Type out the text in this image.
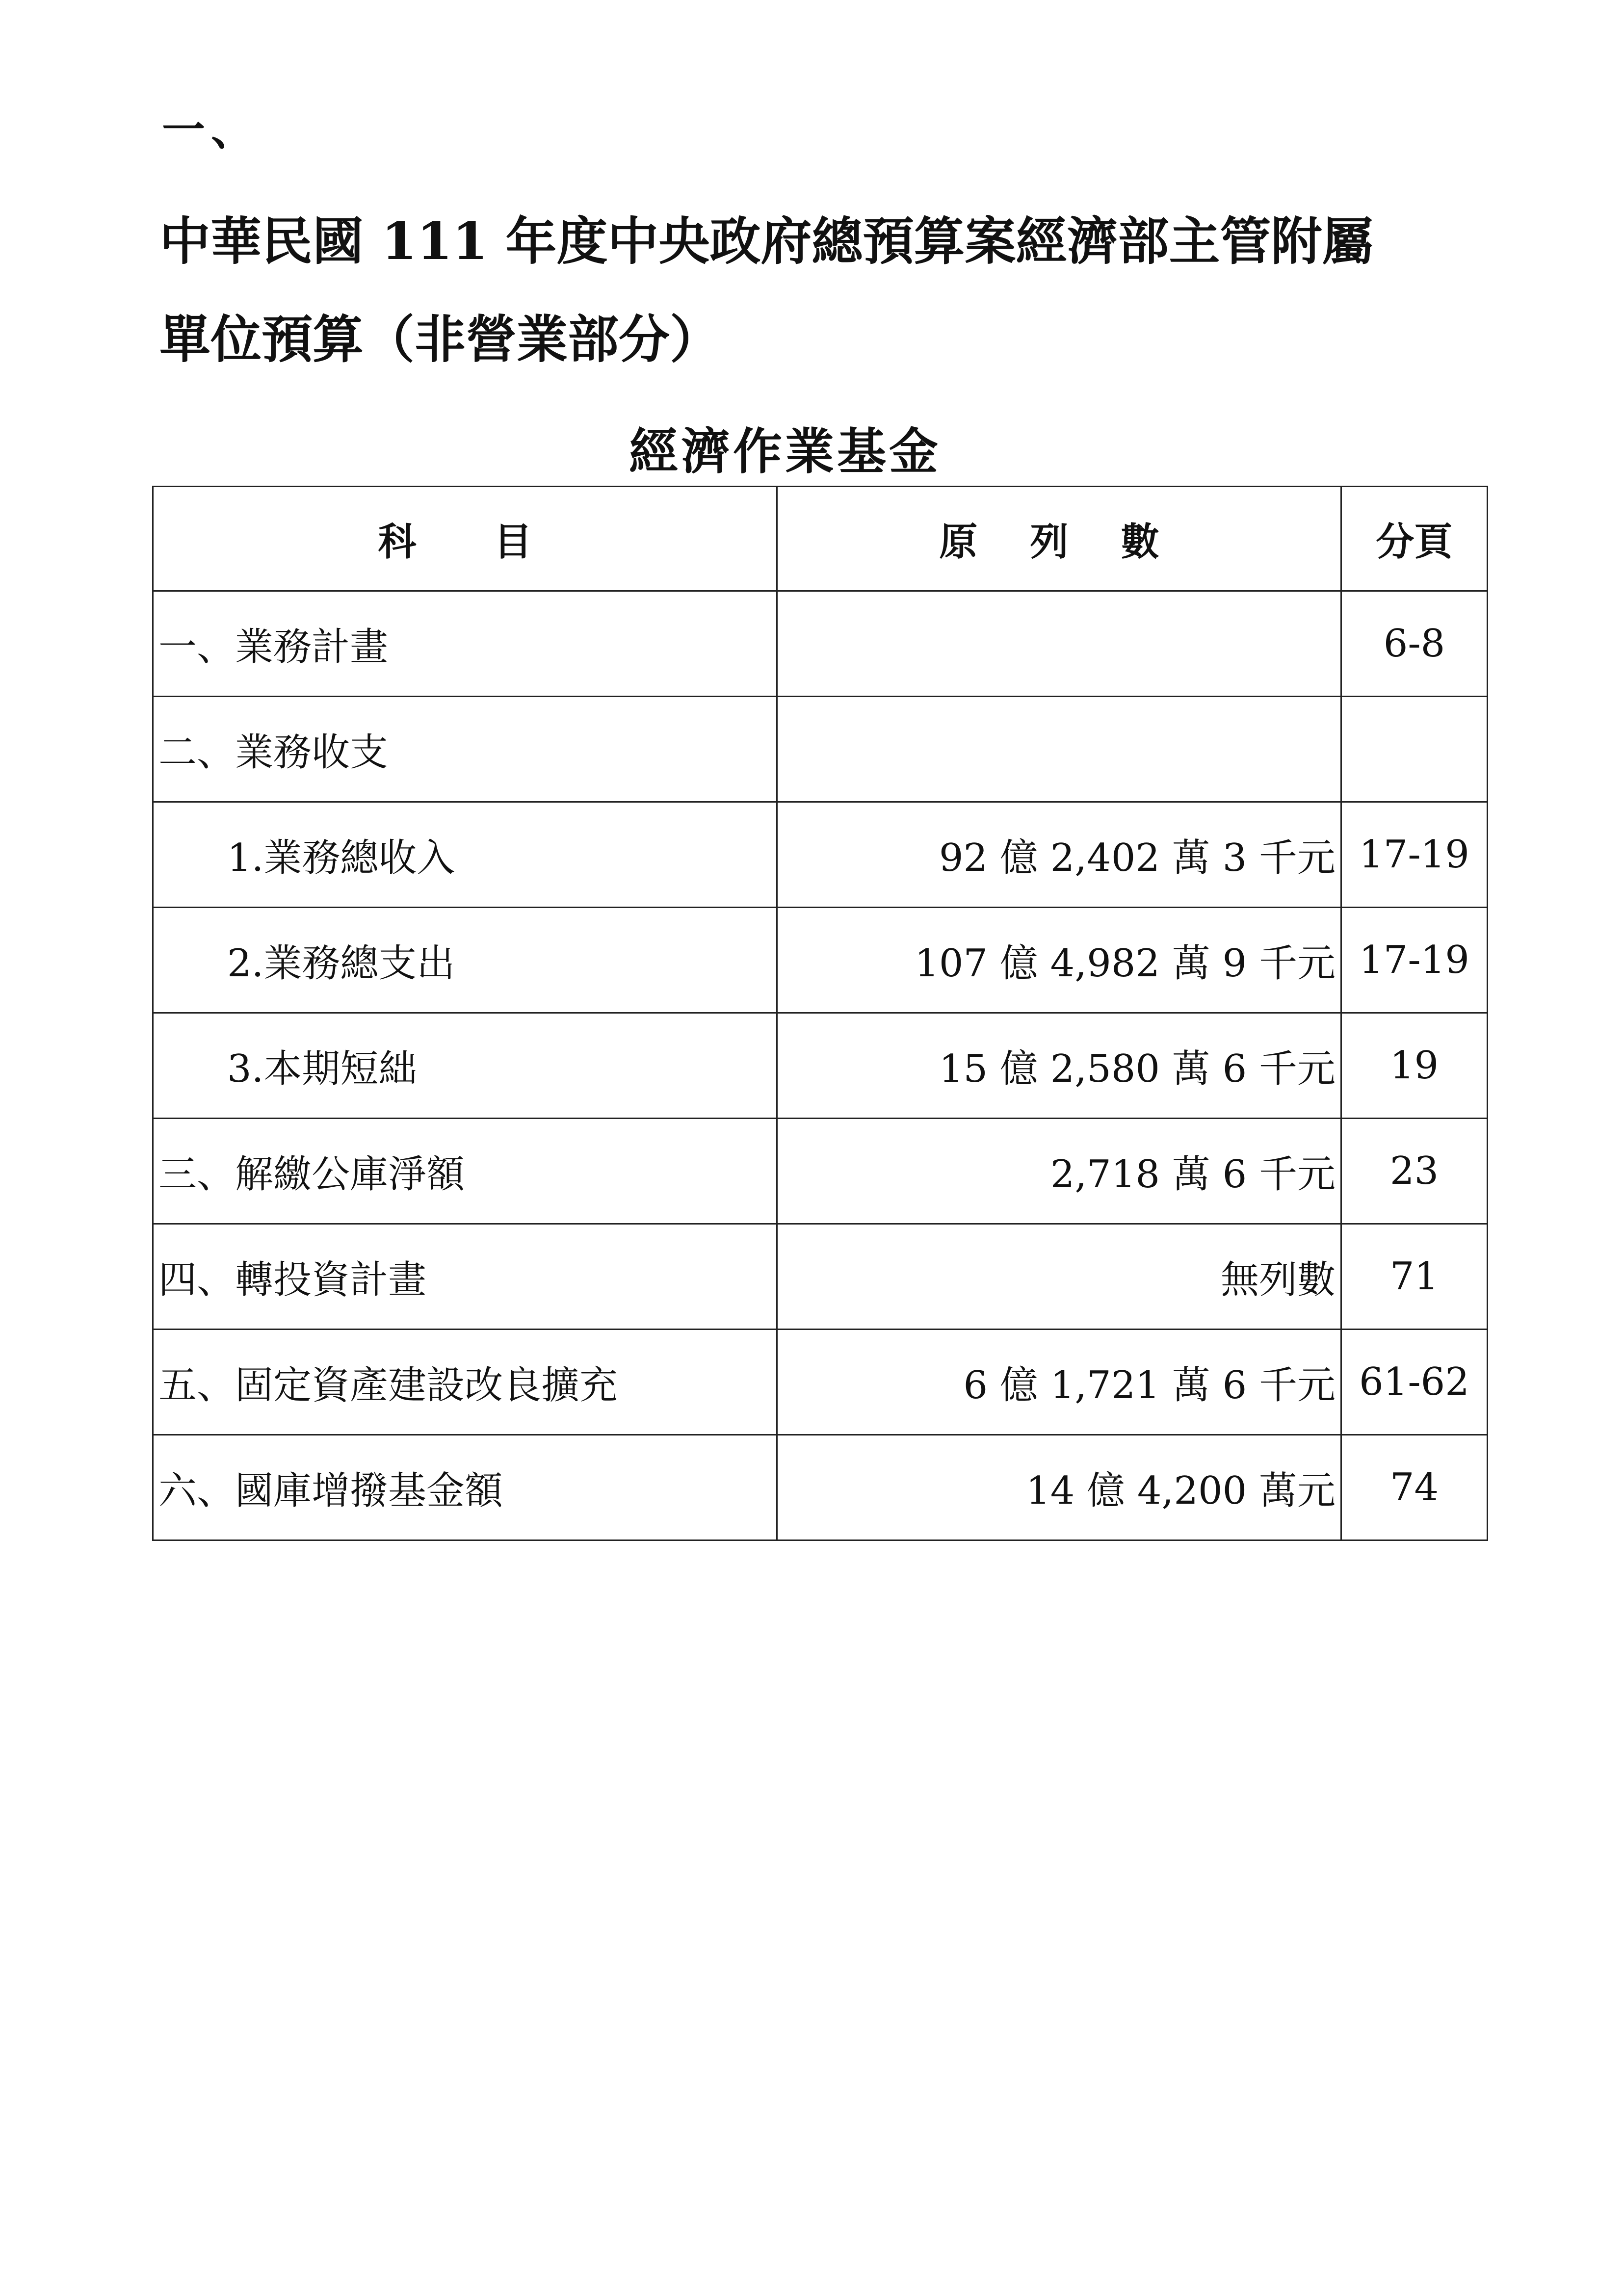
一、
中華民國 111 年度中央政府總預算案經濟部主管附屬
單位預算（非營業部分）
經濟作業基金
科　目	原 列 數	分頁
一、業務計畫		6-8
二、業務收支		
1.業務總收入	92 億 2,402 萬 3 千元	17-19
2.業務總支出	107 億 4,982 萬 9 千元	17-19
3.本期短絀	15 億 2,580 萬 6 千元	19
三、解繳公庫淨額	2,718 萬 6 千元	23
四、轉投資計畫	無列數	71
五、固定資產建設改良擴充	6 億 1,721 萬 6 千元	61-62
六、國庫增撥基金額	14 億 4,200 萬元	74
